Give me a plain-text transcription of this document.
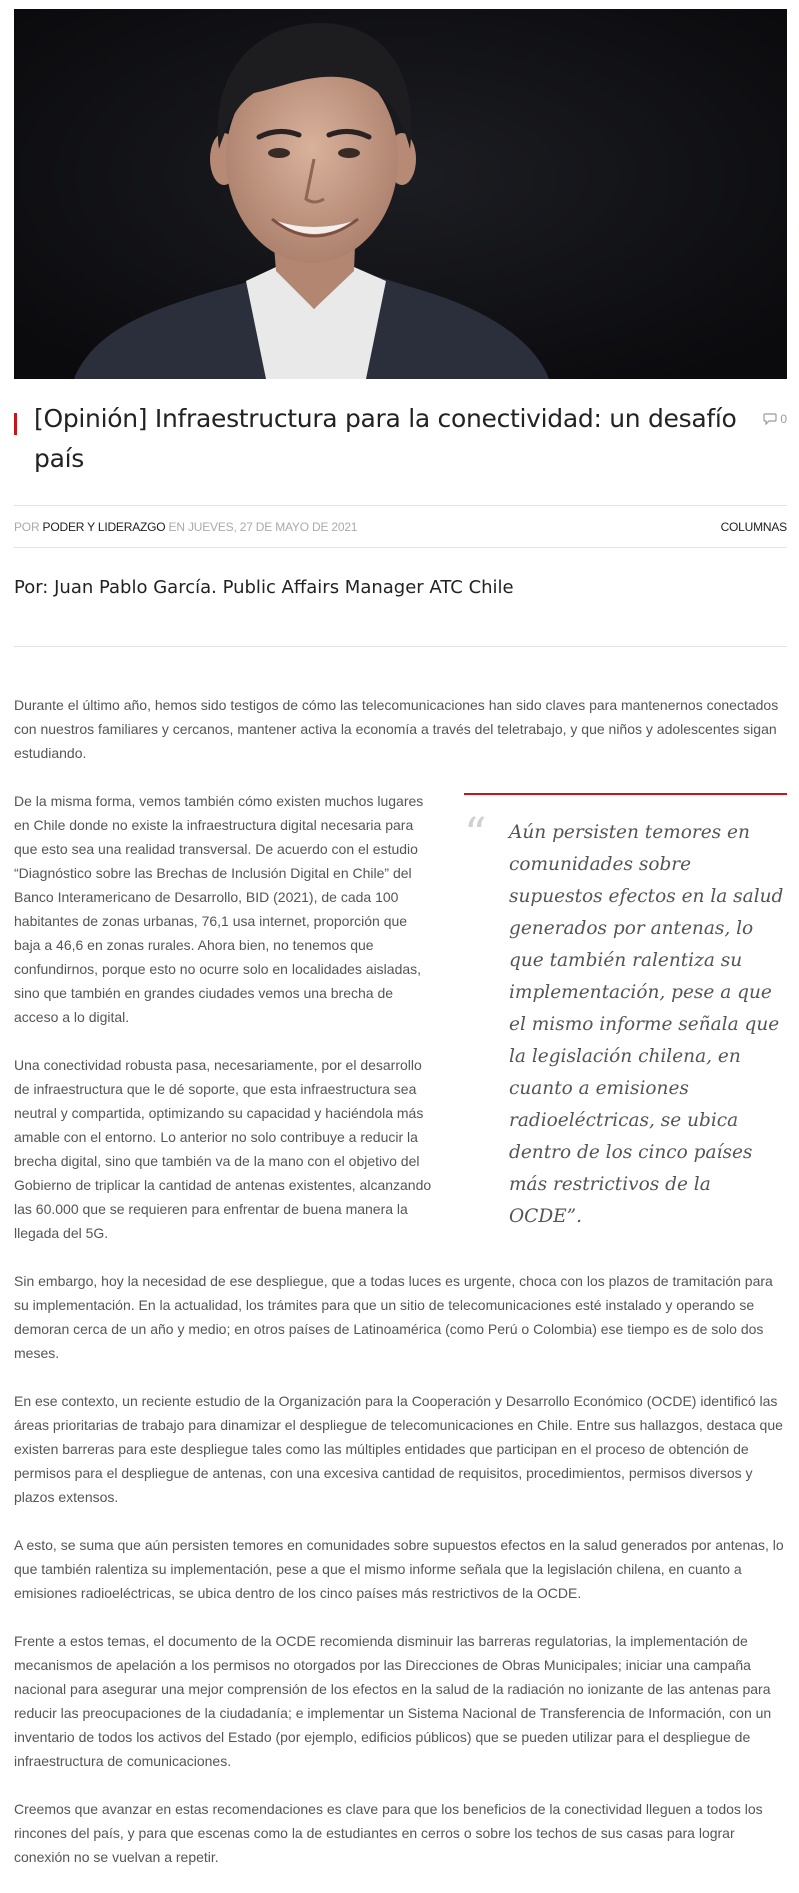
[Opinión] Infraestructura para la conectividad: un desafío país
0
POR PODER Y LIDERAZGO EN JUEVES, 27 DE MAYO DE 2021	COLUMNAS
Por: Juan Pablo García. Public Affairs Manager ATC Chile

Durante el último año, hemos sido testigos de cómo las telecomunicaciones han sido claves para mantenernos conectados con nuestros familiares y cercanos, mantener activa la economía a través del teletrabajo, y que niños y adolescentes sigan estudiando.

“ Aún persisten temores en comunidades sobre supuestos efectos en la salud generados por antenas, lo que también ralentiza su implementación, pese a que el mismo informe señala que la legislación chilena, en cuanto a emisiones radioeléctricas, se ubica dentro de los cinco países más restrictivos de la OCDE”.

De la misma forma, vemos también cómo existen muchos lugares en Chile donde no existe la infraestructura digital necesaria para que esto sea una realidad transversal. De acuerdo con el estudio “Diagnóstico sobre las Brechas de Inclusión Digital en Chile” del Banco Interamericano de Desarrollo, BID (2021), de cada 100 habitantes de zonas urbanas, 76,1 usa internet, proporción que baja a 46,6 en zonas rurales. Ahora bien, no tenemos que confundirnos, porque esto no ocurre solo en localidades aisladas, sino que también en grandes ciudades vemos una brecha de acceso a lo digital.

Una conectividad robusta pasa, necesariamente, por el desarrollo de infraestructura que le dé soporte, que esta infraestructura sea neutral y compartida, optimizando su capacidad y haciéndola más amable con el entorno. Lo anterior no solo contribuye a reducir la brecha digital, sino que también va de la mano con el objetivo del Gobierno de triplicar la cantidad de antenas existentes, alcanzando las 60.000 que se requieren para enfrentar de buena manera la llegada del 5G.

Sin embargo, hoy la necesidad de ese despliegue, que a todas luces es urgente, choca con los plazos de tramitación para su implementación. En la actualidad, los trámites para que un sitio de telecomunicaciones esté instalado y operando se demoran cerca de un año y medio; en otros países de Latinoamérica (como Perú o Colombia) ese tiempo es de solo dos meses.

En ese contexto, un reciente estudio de la Organización para la Cooperación y Desarrollo Económico (OCDE) identificó las áreas prioritarias de trabajo para dinamizar el despliegue de telecomunicaciones en Chile. Entre sus hallazgos, destaca que existen barreras para este despliegue tales como las múltiples entidades que participan en el proceso de obtención de permisos para el despliegue de antenas, con una excesiva cantidad de requisitos, procedimientos, permisos diversos y plazos extensos.

A esto, se suma que aún persisten temores en comunidades sobre supuestos efectos en la salud generados por antenas, lo que también ralentiza su implementación, pese a que el mismo informe señala que la legislación chilena, en cuanto a emisiones radioeléctricas, se ubica dentro de los cinco países más restrictivos de la OCDE.

Frente a estos temas, el documento de la OCDE recomienda disminuir las barreras regulatorias, la implementación de mecanismos de apelación a los permisos no otorgados por las Direcciones de Obras Municipales; iniciar una campaña nacional para asegurar una mejor comprensión de los efectos en la salud de la radiación no ionizante de las antenas para reducir las preocupaciones de la ciudadanía; e implementar un Sistema Nacional de Transferencia de Información, con un inventario de todos los activos del Estado (por ejemplo, edificios públicos) que se pueden utilizar para el despliegue de infraestructura de comunicaciones.

Creemos que avanzar en estas recomendaciones es clave para que los beneficios de la conectividad lleguen a todos los rincones del país, y para que escenas como la de estudiantes en cerros o sobre los techos de sus casas para lograr conexión no se vuelvan a repetir.
